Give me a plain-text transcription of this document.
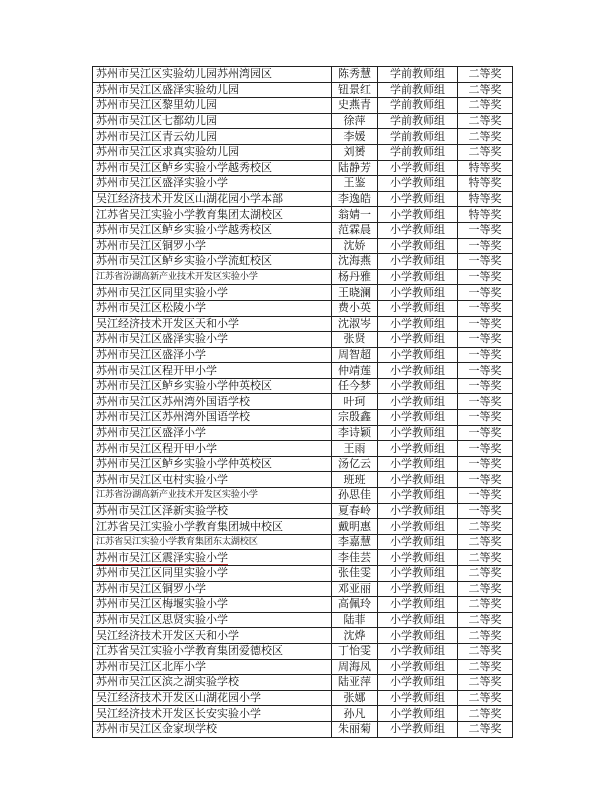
苏州市吴江区实验幼儿园苏州湾园区	陈秀慧	学前教师组	二等奖
苏州市吴江区盛泽实验幼儿园	钮景红	学前教师组	二等奖
苏州市吴江区黎里幼儿园	史燕青	学前教师组	二等奖
苏州市吴江区七都幼儿园	徐萍	学前教师组	二等奖
苏州市吴江区青云幼儿园	李媛	学前教师组	二等奖
苏州市吴江区求真实验幼儿园	刘赟	学前教师组	二等奖
苏州市吴江区鲈乡实验小学越秀校区	陆静芳	小学教师组	特等奖
苏州市吴江区盛泽实验小学	王鉴	小学教师组	特等奖
吴江经济技术开发区山湖花园小学本部	李逸皓	小学教师组	特等奖
江苏省吴江实验小学教育集团太湖校区	翁婧一	小学教师组	特等奖
苏州市吴江区鲈乡实验小学越秀校区	范霖晨	小学教师组	一等奖
苏州市吴江区铜罗小学	沈娇	小学教师组	一等奖
苏州市吴江区鲈乡实验小学流虹校区	沈海燕	小学教师组	一等奖
江苏省汾湖高新产业技术开发区实验小学	杨丹雅	小学教师组	一等奖
苏州市吴江区同里实验小学	王晓澜	小学教师组	一等奖
苏州市吴江区松陵小学	费小英	小学教师组	一等奖
吴江经济技术开发区天和小学	沈淑岑	小学教师组	一等奖
苏州市吴江区盛泽实验小学	张贤	小学教师组	一等奖
苏州市吴江区盛泽小学	周智超	小学教师组	一等奖
苏州市吴江区程开甲小学	仲靖莲	小学教师组	一等奖
苏州市吴江区鲈乡实验小学仲英校区	任今梦	小学教师组	一等奖
苏州市吴江区苏州湾外国语学校	叶珂	小学教师组	一等奖
苏州市吴江区苏州湾外国语学校	宗殷鑫	小学教师组	一等奖
苏州市吴江区盛泽小学	李诗颖	小学教师组	一等奖
苏州市吴江区程开甲小学	王雨	小学教师组	一等奖
苏州市吴江区鲈乡实验小学仲英校区	汤亿云	小学教师组	一等奖
苏州市吴江区屯村实验小学	班班	小学教师组	一等奖
江苏省汾湖高新产业技术开发区实验小学	孙思佳	小学教师组	一等奖
苏州市吴江区泽新实验学校	夏春岭	小学教师组	一等奖
江苏省吴江实验小学教育集团城中校区	戴明惠	小学教师组	二等奖
江苏省吴江实验小学教育集团东太湖校区	李嘉慧	小学教师组	二等奖
苏州市吴江区震泽实验小学	李佳芸	小学教师组	二等奖
苏州市吴江区同里实验小学	张佳雯	小学教师组	二等奖
苏州市吴江区铜罗小学	邓亚丽	小学教师组	二等奖
苏州市吴江区梅堰实验小学	高佩玲	小学教师组	二等奖
苏州市吴江区思贤实验小学	陆菲	小学教师组	二等奖
吴江经济技术开发区天和小学	沈烨	小学教师组	二等奖
江苏省吴江实验小学教育集团爱德校区	丁怡雯	小学教师组	二等奖
苏州市吴江区北厍小学	周海凤	小学教师组	二等奖
苏州市吴江区滨之湖实验学校	陆亚萍	小学教师组	二等奖
吴江经济技术开发区山湖花园小学	张娜	小学教师组	二等奖
吴江经济技术开发区长安实验小学	孙凡	小学教师组	二等奖
苏州市吴江区金家坝学校	朱丽菊	小学教师组	二等奖
